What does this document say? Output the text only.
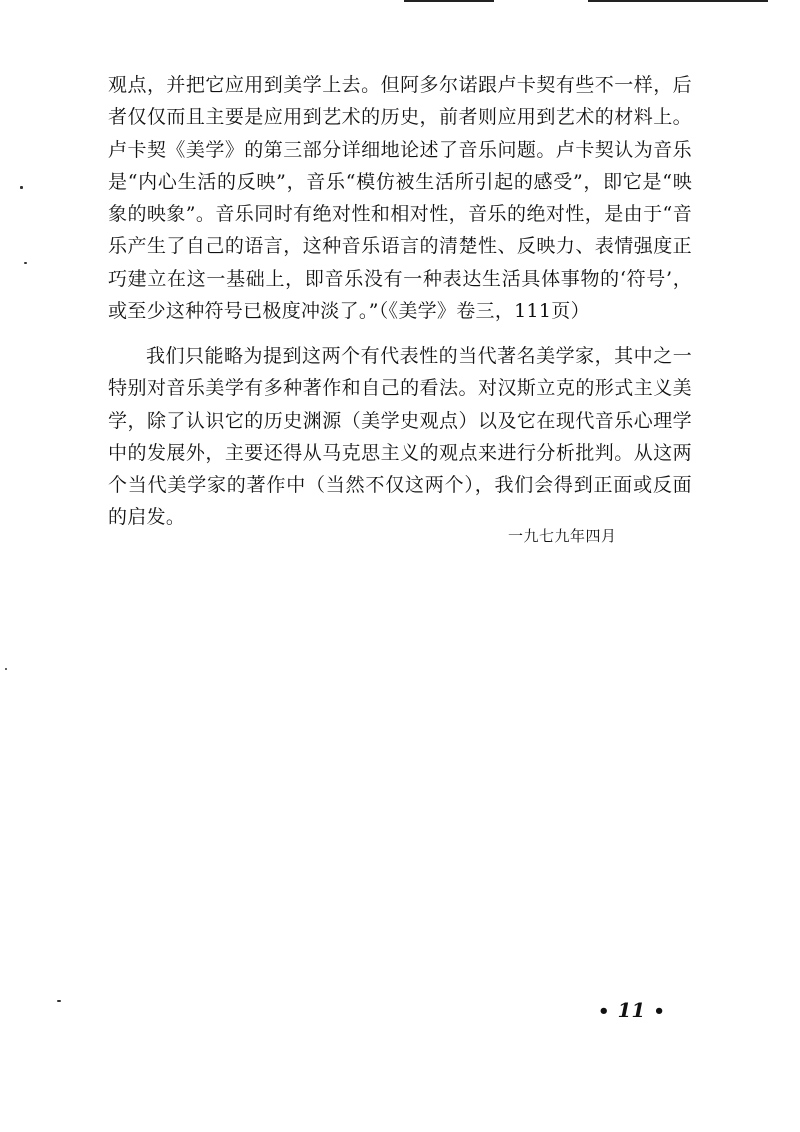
观点，并把它应用到美学上去。但阿多尔诺跟卢卡契有些不一样，后者仅仅而且主要是应用到艺术的历史，前者则应用到艺术的材料上。卢卡契《美学》的第三部分详细地论述了音乐问题。卢卡契认为音乐是“内心生活的反映”，音乐“模仿被生活所引起的感受”，即它是“映象的映象”。音乐同时有绝对性和相对性，音乐的绝对性，是由于“音乐产生了自己的语言，这种音乐语言的清楚性、反映力、表情强度正巧建立在这一基础上，即音乐没有一种表达生活具体事物的‘符号’，或至少这种符号已极度冲淡了。”（《美学》卷三，111页）

我们只能略为提到这两个有代表性的当代著名美学家，其中之一特别对音乐美学有多种著作和自己的看法。对汉斯立克的形式主义美学，除了认识它的历史渊源（美学史观点）以及它在现代音乐心理学中的发展外，主要还得从马克思主义的观点来进行分析批判。从这两个当代美学家的著作中（当然不仅这两个），我们会得到正面或反面的启发。

一九七九年四月
• 11 •
